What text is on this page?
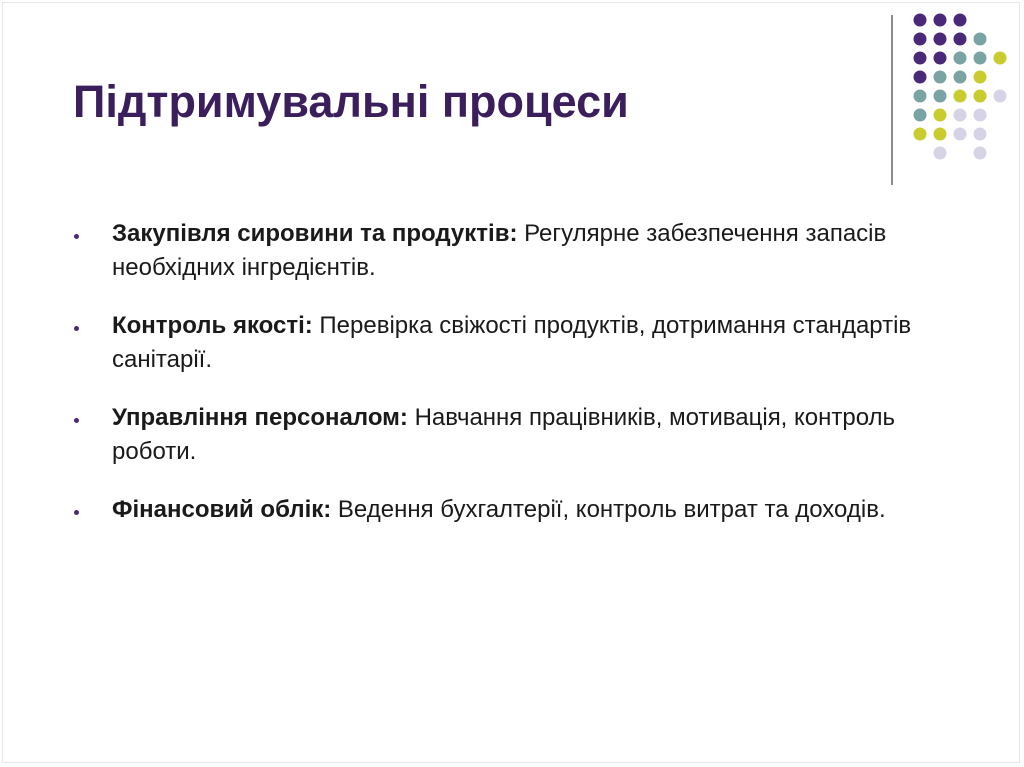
Підтримувальні процеси
Закупівля сировини та продуктів: Регулярне забезпечення запасів необхідних інгредієнтів.
Контроль якості: Перевірка свіжості продуктів, дотримання стандартів санітарії.
Управління персоналом: Навчання працівників, мотивація, контроль роботи.
Фінансовий облік: Ведення бухгалтерії, контроль витрат та доходів.
